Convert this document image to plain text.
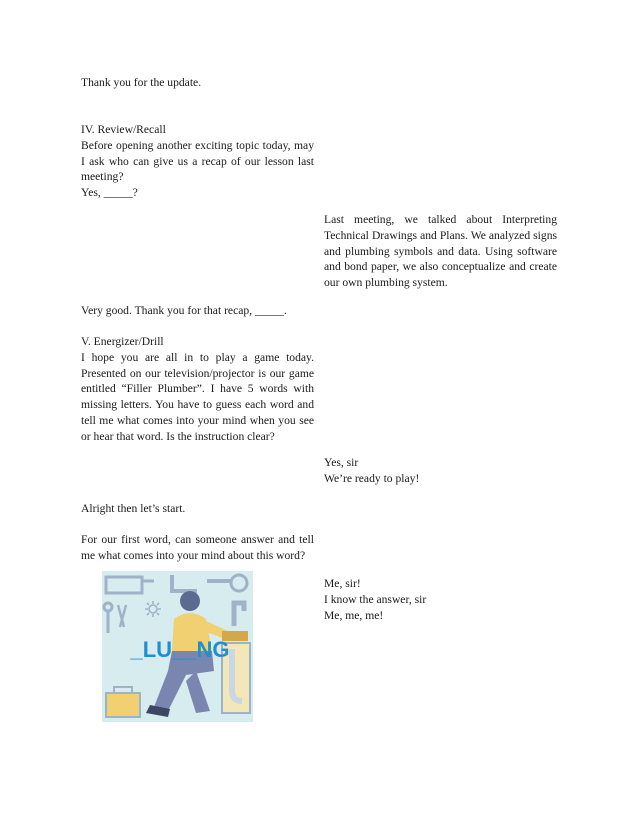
Thank you for the update.

IV. Review/Recall

Before opening another exciting topic today, may I ask who can give us a recap of our lesson last meeting?

Yes, _____?

Last meeting, we talked about Interpreting Technical Drawings and Plans. We analyzed signs and plumbing symbols and data. Using software and bond paper, we also conceptualize and create our own plumbing system.

Very good. Thank you for that recap, _____.

V. Energizer/Drill

I hope you are all in to play a game today. Presented on our television/projector is our game entitled “Filler Plumber”. I have 5 words with missing letters. You have to guess each word and tell me what comes into your mind when you see or hear that word. Is the instruction clear?

Yes, sir

We’re ready to play!

Alright then let’s start.

For our first word, can someone answer and tell me what comes into your mind about this word?

Me, sir!

I know the answer, sir

Me, me, me!

_LU__NG
